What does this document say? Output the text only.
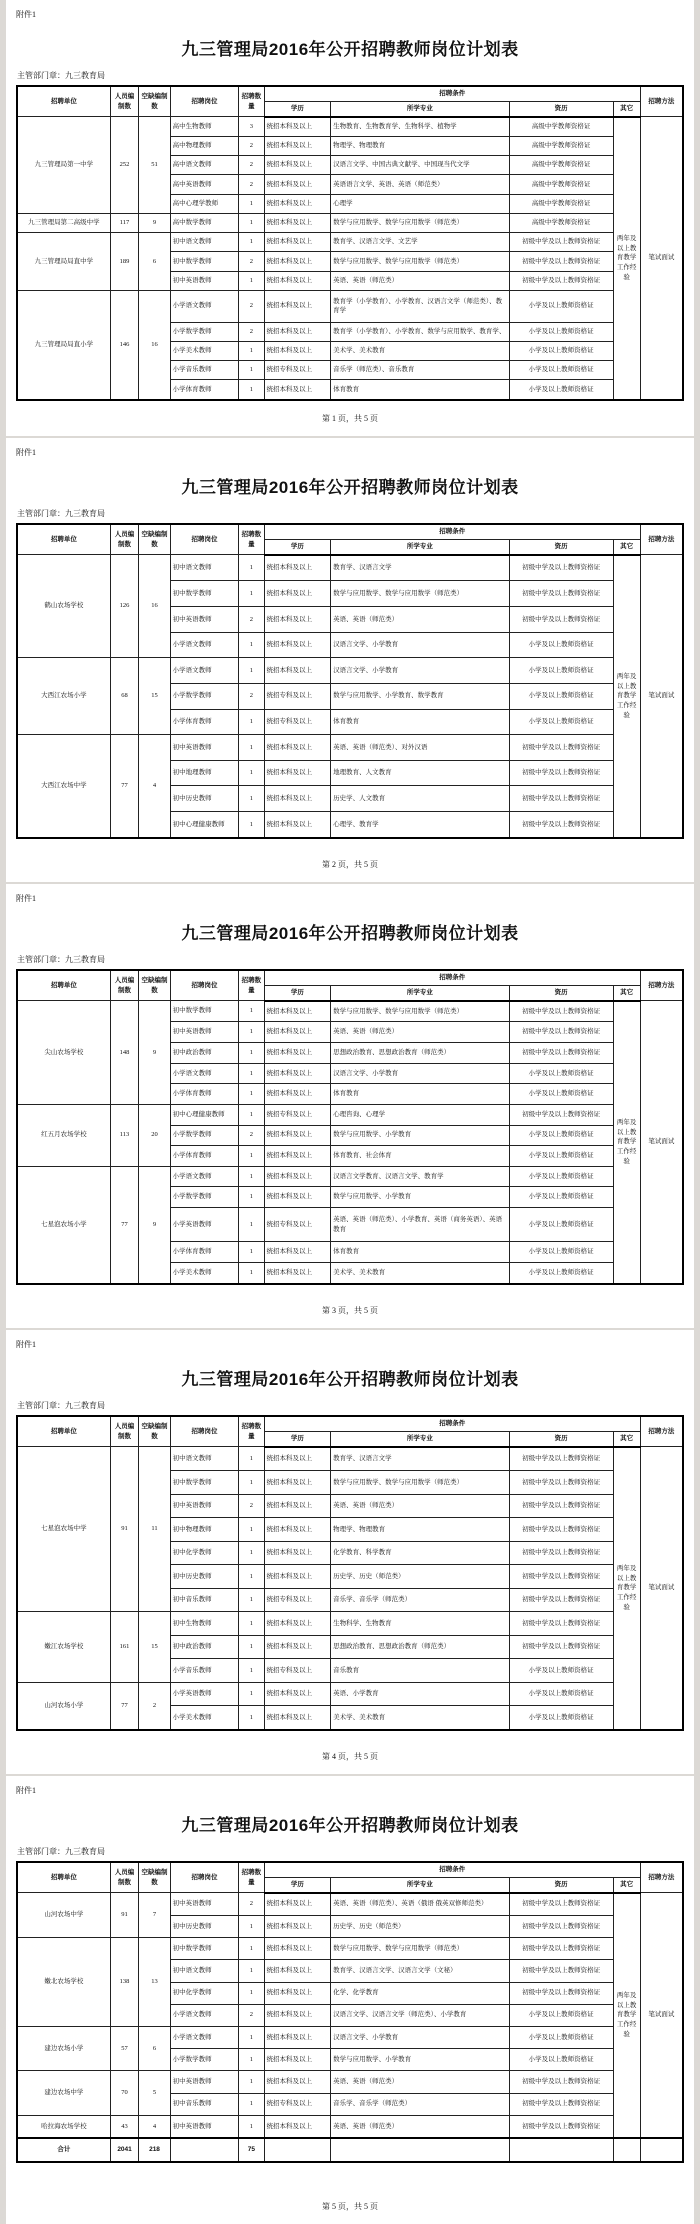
附件1
九三管理局2016年公开招聘教师岗位计划表
主管部门章：九三教育局
招聘单位	人员编制数	空缺编制数	招聘岗位	招聘数量	招聘条件				招聘方法
					学历	所学专业	资历	其它	
九三管理局第一中学	252	51	高中生物教师	3	统招本科及以上	生物教育、生物教育学、生物科学、植物学	高级中学教师资格证	两年及以上教育教学工作经验	笔试面试
			高中物理教师	2	统招本科及以上	物理学、物理教育	高级中学教师资格证		
			高中语文教师	2	统招本科及以上	汉语言文学、中国古典文献学、中国现当代文学	高级中学教师资格证		
			高中英语教师	2	统招本科及以上	英语语言文学、英语、英语（师范类）	高级中学教师资格证		
			高中心理学教师	1	统招本科及以上	心理学	高级中学教师资格证		
九三管理局第二高级中学	117	9	高中数学教师	1	统招本科及以上	数学与应用数学、数学与应用数学（师范类）	高级中学教师资格证		
九三管理局局直中学	189	6	初中语文教师	1	统招本科及以上	教育学、汉语言文学、文艺学	初级中学及以上教师资格证		
			初中数学教师	2	统招本科及以上	数学与应用数学、数学与应用数学（师范类）	初级中学及以上教师资格证		
			初中英语教师	1	统招本科及以上	英语、英语（师范类）	初级中学及以上教师资格证		
九三管理局局直小学	146	16	小学语文教师	2	统招本科及以上	教育学（小学教育）、小学教育、汉语言文学（师范类）、教育学	小学及以上教师资格证		
			小学数学教师	2	统招本科及以上	教育学（小学教育）、小学教育、数学与应用数学、教育学、	小学及以上教师资格证		
			小学美术教师	1	统招本科及以上	美术学、美术教育	小学及以上教师资格证		
			小学音乐教师	1	统招专科及以上	音乐学（师范类）、音乐教育	小学及以上教师资格证		
			小学体育教师	1	统招本科及以上	体育教育	小学及以上教师资格证		
第 1 页，共 5 页
附件1
九三管理局2016年公开招聘教师岗位计划表
主管部门章：九三教育局
招聘单位	人员编制数	空缺编制数	招聘岗位	招聘数量	招聘条件				招聘方法
					学历	所学专业	资历	其它	
鹤山农场学校	126	16	初中语文教师	1	统招本科及以上	教育学、汉语言文学	初级中学及以上教师资格证	两年及以上教育教学工作经验	笔试面试
			初中数学教师	1	统招本科及以上	数学与应用数学、数学与应用数学（师范类）	初级中学及以上教师资格证		
			初中英语教师	2	统招本科及以上	英语、英语（师范类）	初级中学及以上教师资格证		
			小学语文教师	1	统招本科及以上	汉语言文学、小学教育	小学及以上教师资格证		
大西江农场小学	68	15	小学语文教师	1	统招本科及以上	汉语言文学、小学教育	小学及以上教师资格证		
			小学数学教师	2	统招专科及以上	数学与应用数学、小学教育、数学教育	小学及以上教师资格证		
			小学体育教师	1	统招专科及以上	体育教育	小学及以上教师资格证		
大西江农场中学	77	4	初中英语教师	1	统招本科及以上	英语、英语（师范类）、对外汉语	初级中学及以上教师资格证		
			初中地理教师	1	统招本科及以上	地理教育、人文教育	初级中学及以上教师资格证		
			初中历史教师	1	统招本科及以上	历史学、人文教育	初级中学及以上教师资格证		
			初中心理健康教师	1	统招本科及以上	心理学、教育学	初级中学及以上教师资格证		
第 2 页，共 5 页
附件1
九三管理局2016年公开招聘教师岗位计划表
主管部门章：九三教育局
招聘单位	人员编制数	空缺编制数	招聘岗位	招聘数量	招聘条件				招聘方法
					学历	所学专业	资历	其它	
尖山农场学校	148	9	初中数学教师	1	统招本科及以上	数学与应用数学、数学与应用数学（师范类）	初级中学及以上教师资格证	两年及以上教育教学工作经验	笔试面试
			初中英语教师	1	统招本科及以上	英语、英语（师范类）	初级中学及以上教师资格证		
			初中政治教师	1	统招本科及以上	思想政治教育、思想政治教育（师范类）	初级中学及以上教师资格证		
			小学语文教师	1	统招本科及以上	汉语言文学、小学教育	小学及以上教师资格证		
			小学体育教师	1	统招本科及以上	体育教育	小学及以上教师资格证		
红五月农场学校	113	20	初中心理健康教师	1	统招专科及以上	心理咨询、心理学	初级中学及以上教师资格证		
			小学数学教师	2	统招本科及以上	数学与应用数学、小学教育	小学及以上教师资格证		
			小学体育教师	1	统招本科及以上	体育教育、社会体育	小学及以上教师资格证		
七星泡农场小学	77	9	小学语文教师	1	统招本科及以上	汉语言文学教育、汉语言文学、教育学	小学及以上教师资格证		
			小学数学教师	1	统招本科及以上	数学与应用数学、小学教育	小学及以上教师资格证		
			小学英语教师	1	统招专科及以上	英语、英语（师范类）、小学教育、英语（商务英语）、英语教育	小学及以上教师资格证		
			小学体育教师	1	统招本科及以上	体育教育	小学及以上教师资格证		
			小学美术教师	1	统招本科及以上	美术学、美术教育	小学及以上教师资格证		
第 3 页，共 5 页
附件1
九三管理局2016年公开招聘教师岗位计划表
主管部门章：九三教育局
招聘单位	人员编制数	空缺编制数	招聘岗位	招聘数量	招聘条件				招聘方法
					学历	所学专业	资历	其它	
七星泡农场中学	91	11	初中语文教师	1	统招本科及以上	教育学、汉语言文学	初级中学及以上教师资格证	两年及以上教育教学工作经验	笔试面试
			初中数学教师	1	统招本科及以上	数学与应用数学、数学与应用数学（师范类）	初级中学及以上教师资格证		
			初中英语教师	2	统招本科及以上	英语、英语（师范类）	初级中学及以上教师资格证		
			初中物理教师	1	统招本科及以上	物理学、物理教育	初级中学及以上教师资格证		
			初中化学教师	1	统招本科及以上	化学教育、科学教育	初级中学及以上教师资格证		
			初中历史教师	1	统招本科及以上	历史学、历史（师范类）	初级中学及以上教师资格证		
			初中音乐教师	1	统招专科及以上	音乐学、音乐学（师范类）	初级中学及以上教师资格证		
嫩江农场学校	161	15	初中生物教师	1	统招本科及以上	生物科学、生物教育	初级中学及以上教师资格证		
			初中政治教师	1	统招本科及以上	思想政治教育、思想政治教育（师范类）	初级中学及以上教师资格证		
			小学音乐教师	1	统招专科及以上	音乐教育	小学及以上教师资格证		
山河农场小学	77	2	小学英语教师	1	统招本科及以上	英语、小学教育	小学及以上教师资格证		
			小学美术教师	1	统招本科及以上	美术学、美术教育	小学及以上教师资格证		
第 4 页，共 5 页
附件1
九三管理局2016年公开招聘教师岗位计划表
主管部门章：九三教育局
招聘单位	人员编制数	空缺编制数	招聘岗位	招聘数量	招聘条件				招聘方法
					学历	所学专业	资历	其它	
山河农场中学	91	7	初中英语教师	2	统招本科及以上	英语、英语（师范类）、英语（俄语 俄英双修师范类）	初级中学及以上教师资格证	两年及以上教育教学工作经验	笔试面试
			初中历史教师	1	统招本科及以上	历史学、历史（师范类）	初级中学及以上教师资格证		
嫩北农场学校	138	13	初中数学教师	1	统招本科及以上	数学与应用数学、数学与应用数学（师范类）	初级中学及以上教师资格证		
			初中语文教师	1	统招本科及以上	教育学、汉语言文学、汉语言文学（文秘）	初级中学及以上教师资格证		
			初中化学教师	1	统招本科及以上	化学、化学教育	初级中学及以上教师资格证		
			小学语文教师	2	统招本科及以上	汉语言文学、汉语言文学（师范类）、小学教育	小学及以上教师资格证		
建边农场小学	57	6	小学语文教师	1	统招本科及以上	汉语言文学、小学教育	小学及以上教师资格证		
			小学数学教师	1	统招本科及以上	数学与应用数学、小学教育	小学及以上教师资格证		
建边农场中学	70	5	初中英语教师	1	统招本科及以上	英语、英语（师范类）	初级中学及以上教师资格证		
			初中音乐教师	1	统招专科及以上	音乐学、音乐学（师范类）	初级中学及以上教师资格证		
哈拉海农场学校	43	4	初中英语教师	1	统招本科及以上	英语、英语（师范类）	初级中学及以上教师资格证		
合计	2041	218		75					
第 5 页，共 5 页
